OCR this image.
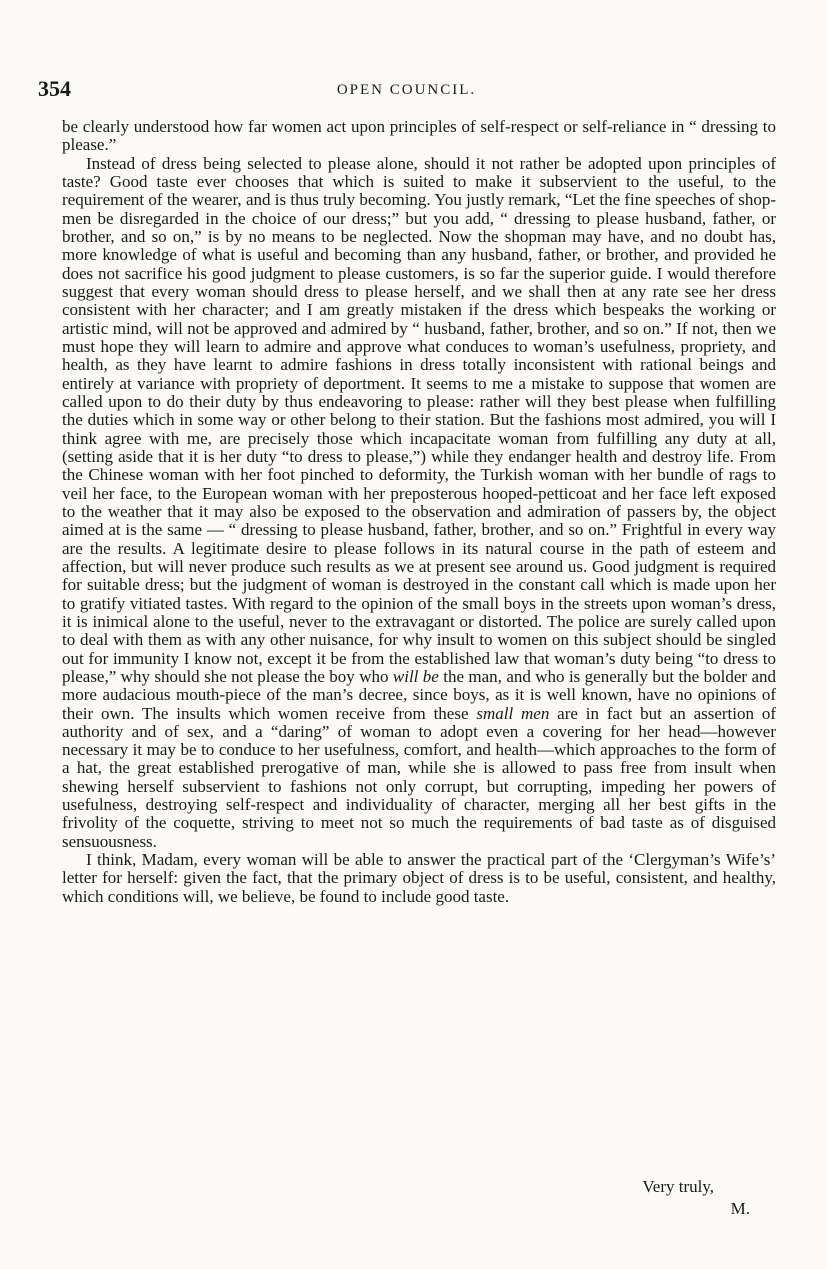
354	OPEN COUNCIL.

be clearly understood how far women act upon principles of self-respect or self-reliance in “ dressing to please.”

Instead of dress being selected to please alone, should it not rather be adopted upon principles of taste? Good taste ever chooses that which is suited to make it subservient to the useful, to the requirement of the wearer, and is thus truly becoming. You justly remark, “Let the fine speeches of shop-men be disregarded in the choice of our dress;” but you add, “ dressing to please husband, father, or brother, and so on,” is by no means to be neglected. Now the shopman may have, and no doubt has, more knowledge of what is useful and becoming than any husband, father, or brother, and provided he does not sacrifice his good judgment to please customers, is so far the superior guide. I would therefore suggest that every woman should dress to please herself, and we shall then at any rate see her dress consistent with her character; and I am greatly mistaken if the dress which bespeaks the working or artistic mind, will not be approved and admired by “ husband, father, brother, and so on.” If not, then we must hope they will learn to admire and approve what conduces to woman’s usefulness, propriety, and health, as they have learnt to admire fashions in dress totally inconsistent with rational beings and entirely at variance with propriety of deportment. It seems to me a mistake to suppose that women are called upon to do their duty by thus endeavoring to please: rather will they best please when fulfilling the duties which in some way or other belong to their station. But the fashions most admired, you will I think agree with me, are precisely those which incapacitate woman from fulfilling any duty at all, (setting aside that it is her duty “to dress to please,”) while they endanger health and destroy life. From the Chinese woman with her foot pinched to deformity, the Turkish woman with her bundle of rags to veil her face, to the European woman with her preposterous hooped-petticoat and her face left exposed to the weather that it may also be exposed to the observation and admiration of passers by, the object aimed at is the same — “ dressing to please husband, father, brother, and so on.” Frightful in every way are the results. A legitimate desire to please follows in its natural course in the path of esteem and affection, but will never produce such results as we at present see around us. Good judgment is required for suitable dress; but the judgment of woman is destroyed in the constant call which is made upon her to gratify vitiated tastes. With regard to the opinion of the small boys in the streets upon woman’s dress, it is inimical alone to the useful, never to the extravagant or distorted. The police are surely called upon to deal with them as with any other nuisance, for why insult to women on this subject should be singled out for immunity I know not, except it be from the established law that woman’s duty being “to dress to please,” why should she not please the boy who will be the man, and who is generally but the bolder and more audacious mouth-piece of the man’s decree, since boys, as it is well known, have no opinions of their own. The insults which women receive from these small men are in fact but an assertion of authority and of sex, and a “daring” of woman to adopt even a covering for her head—however necessary it may be to conduce to her usefulness, comfort, and health—which approaches to the form of a hat, the great established prerogative of man, while she is allowed to pass free from insult when shewing herself subservient to fashions not only corrupt, but corrupting, impeding her powers of usefulness, destroying self-respect and individuality of character, merging all her best gifts in the frivolity of the coquette, striving to meet not so much the requirements of bad taste as of disguised sensuousness.

I think, Madam, every woman will be able to answer the practical part of the ‘Clergyman’s Wife’s’ letter for herself: given the fact, that the primary object of dress is to be useful, consistent, and healthy, which conditions will, we believe, be found to include good taste.

Very truly,
M.
